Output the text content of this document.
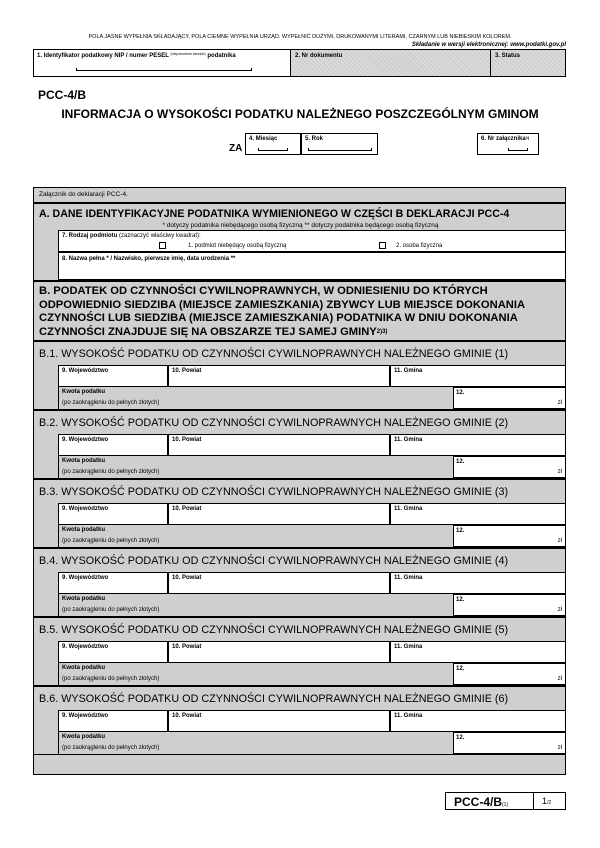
POLA JASNE WYPEŁNIA SKŁADAJĄCY, POLA CIEMNE WYPEŁNIA URZĄD. WYPEŁNIĆ DUŻYMI, DRUKOWANYMI LITERAMI, CZARNYM LUB NIEBIESKIM KOLOREM.
Składanie w wersji elektronicznej: www.podatki.gov.pl
1. Identyfikator podatkowy NIP / numer PESEL $^{(niepotrzebne skreślić)}$ podatnika	2. Nr dokumentu	3. Status
PCC-4/B
INFORMACJA O WYSOKOŚCI PODATKU NALEŻNEGO POSZCZEGÓLNYM GMINOM
ZA
4. Miesiąc	5. Rok	6. Nr załącznika$^{1)}$
Załącznik do deklaracji PCC-4.
A. DANE IDENTYFIKACYJNE PODATNIKA WYMIENIONEGO W CZĘŚCI B DEKLARACJI PCC-4
* dotyczy podatnika niebędącego osobą fizyczną ** dotyczy podatnika będącego osobą fizyczną
7. Rodzaj podmiotu (zaznaczyć właściwy kwadrat):
1. podmiot niebędący osobą fizyczną	2. osoba fizyczna
8. Nazwa pełna * / Nazwisko, pierwsze imię, data urodzenia **
B. PODATEK OD CZYNNOŚCI CYWILNOPRAWNYCH, W ODNIESIENIU DO KTÓRYCH ODPOWIEDNIO SIEDZIBA (MIEJSCE ZAMIESZKANIA) ZBYWCY LUB MIEJSCE DOKONANIA CZYNNOŚCI LUB SIEDZIBA (MIEJSCE ZAMIESZKANIA) PODATNIKA W DNIU DOKONANIA CZYNNOŚCI ZNAJDUJE SIĘ NA OBSZARZE TEJ SAMEJ $GMINY^{2)3)}$
B.1. WYSOKOŚĆ PODATKU OD CZYNNOŚCI CYWILNOPRAWNYCH NALEŻNEGO GMINIE (1)
9. Województwo	10. Powiat	11. Gmina
Kwota podatku
(po zaokrągleniu do pełnych złotych)
12.
zł
B.2. WYSOKOŚĆ PODATKU OD CZYNNOŚCI CYWILNOPRAWNYCH NALEŻNEGO GMINIE (2)
9. Województwo	10. Powiat	11. Gmina
Kwota podatku
(po zaokrągleniu do pełnych złotych)
12.
zł
B.3. WYSOKOŚĆ PODATKU OD CZYNNOŚCI CYWILNOPRAWNYCH NALEŻNEGO GMINIE (3)
9. Województwo	10. Powiat	11. Gmina
Kwota podatku
(po zaokrągleniu do pełnych złotych)
12.
zł
B.4. WYSOKOŚĆ PODATKU OD CZYNNOŚCI CYWILNOPRAWNYCH NALEŻNEGO GMINIE (4)
9. Województwo	10. Powiat	11. Gmina
Kwota podatku
(po zaokrągleniu do pełnych złotych)
12.
zł
B.5. WYSOKOŚĆ PODATKU OD CZYNNOŚCI CYWILNOPRAWNYCH NALEŻNEGO GMINIE (5)
9. Województwo	10. Powiat	11. Gmina
Kwota podatku
(po zaokrągleniu do pełnych złotych)
12.
zł
B.6. WYSOKOŚĆ PODATKU OD CZYNNOŚCI CYWILNOPRAWNYCH NALEŻNEGO GMINIE (6)
9. Województwo	10. Powiat	11. Gmina
Kwota podatku
(po zaokrągleniu do pełnych złotych)
12.
zł
PCC-4/B(1)	1/2
